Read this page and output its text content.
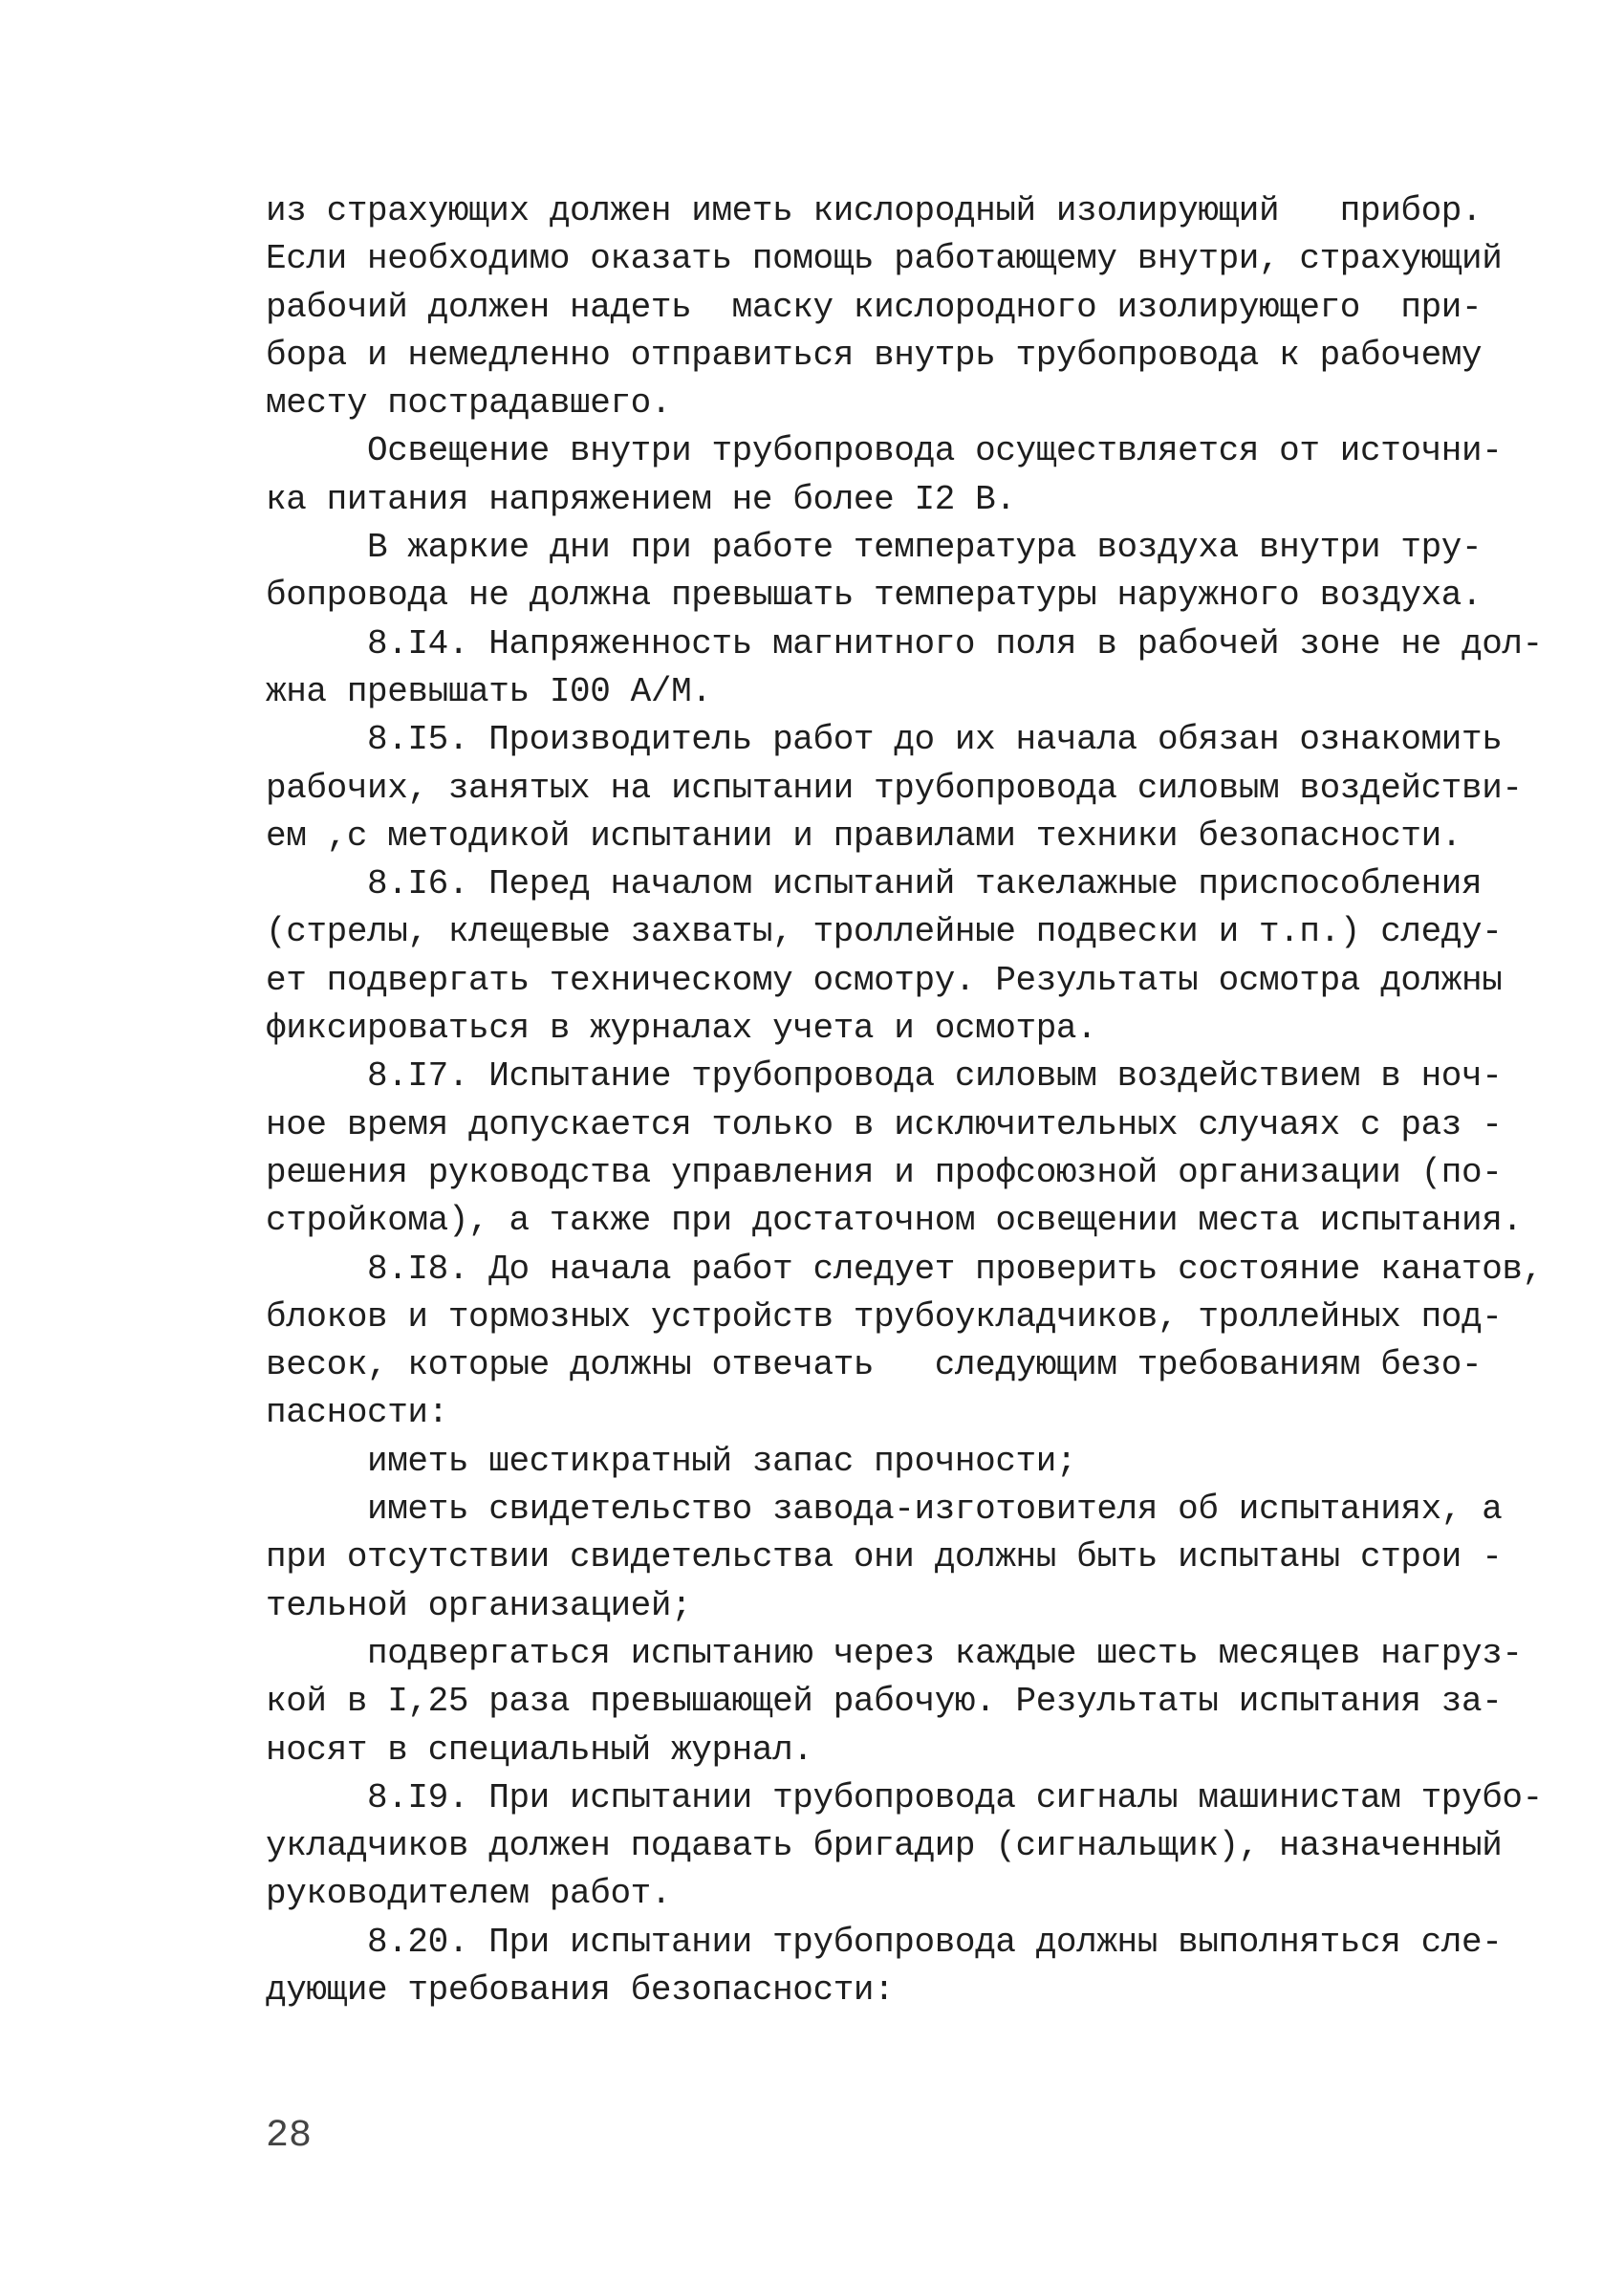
из страхующих должен иметь кислородный изолирующий   прибор.
Если необходимо оказать помощь работающему внутри, страхующий
рабочий должен надеть  маску кислородного изолирующего  при-
бора и немедленно отправиться внутрь трубопровода к рабочему
месту пострадавшего.
Освещение внутри трубопровода осуществляется от источни-
ка питания напряжением не более I2 В.
В жаркие дни при работе температура воздуха внутри тру-
бопровода не должна превышать температуры наружного воздуха.
8.I4. Напряженность магнитного поля в рабочей зоне не дол-
жна превышать I00 А/М.
8.I5. Производитель работ до их начала обязан ознакомить
рабочих, занятых на испытании трубопровода силовым воздействи-
ем ,с методикой испытании и правилами техники безопасности.
8.I6. Перед началом испытаний такелажные приспособления
(стрелы, клещевые захваты, троллейные подвески и т.п.) следу-
ет подвергать техническому осмотру. Результаты осмотра должны
фиксироваться в журналах учета и осмотра.
8.I7. Испытание трубопровода силовым воздействием в ноч-
ное время допускается только в исключительных случаях с раз -
решения руководства управления и профсоюзной организации (по-
стройкома), а также при достаточном освещении места испытания.
8.I8. До начала работ следует проверить состояние канатов,
блоков и тормозных устройств трубоукладчиков, троллейных под-
весок, которые должны отвечать   следующим требованиям безо-
пасности:
иметь шестикратный запас прочности;
иметь свидетельство завода-изготовителя об испытаниях, а
при отсутствии свидетельства они должны быть испытаны строи -
тельной организацией;
подвергаться испытанию через каждые шесть месяцев нагруз-
кой в I,25 раза превышающей рабочую. Результаты испытания за-
носят в специальный журнал.
8.I9. При испытании трубопровода сигналы машинистам трубо-
укладчиков должен подавать бригадир (сигнальщик), назначенный
руководителем работ.
8.20. При испытании трубопровода должны выполняться сле-
дующие требования безопасности:
28
